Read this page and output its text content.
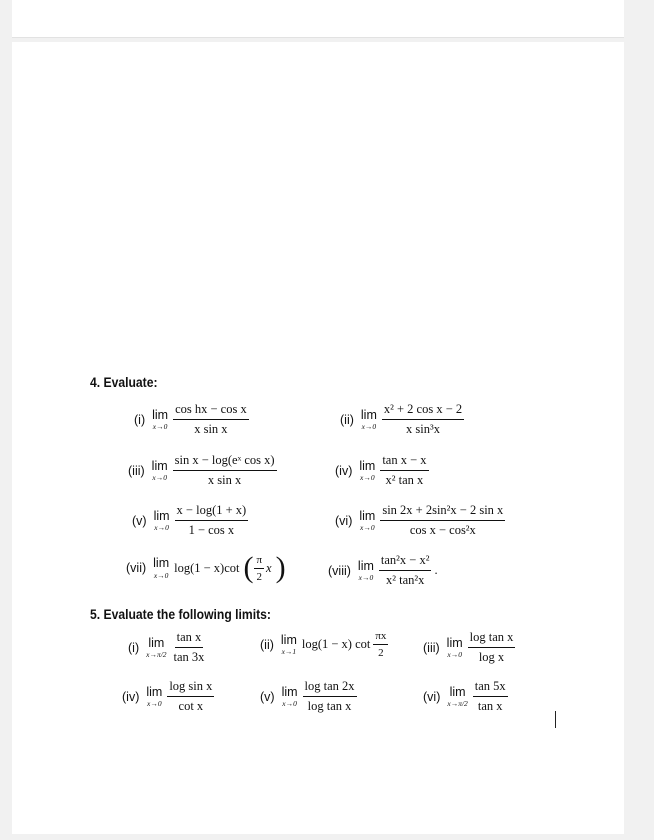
4. Evaluate:
(i) lim
$x\to 0 \frac{\text{cos hx − cos x}}{\text{x sin x}}$	(ii) lim
$x\to 0 \frac{\text{x² + 2 cos x − 2}}{\text{x sin³x}}$
(iii) lim
$x\to 0 \frac{\text{sin x − log(eˣ cos x)}}{\text{x sin x}}$	(iv) lim
$x\to 0 \frac{\text{tan x − x}}{\text{x² tan x}}$
(v) lim
$x\to 0 \frac{x - \log(1 + x)}{\text{1 − cos x}}$	(vi) lim
$x\to 0 \frac{\text{sin 2x + 2sin²x − 2 sin x}}{\text{cos x − cos²x}}$
(vii) lim
x→0
log(1 − x)cot ( $\frac{\pi}{2}$ x )	(viii) lim
$x\to 0 \frac{\text{tan²x − x²}}{\text{x² tan²x}}$ .
5. Evaluate the following limits:
(i) lim
$x\to\pi/2 \frac{\text{tan x}}{\tan 3x}$	(ii) lim
x→1
log(1 − x) $\cot \frac{\pi x}{2}$	(iii) lim
$x\to 0 \frac{\text{log tan x}}{\text{log x}}$
(iv) lim
$x\to 0 \frac{\text{log sin x}}{\text{cot x}}$	(v) lim
$x\to 0 \frac{\text{log tan 2x}}{\text{log tan x}}$	(vi) lim
$x\to\pi/2 \frac{\tan 5x}{\text{tan x}}$
